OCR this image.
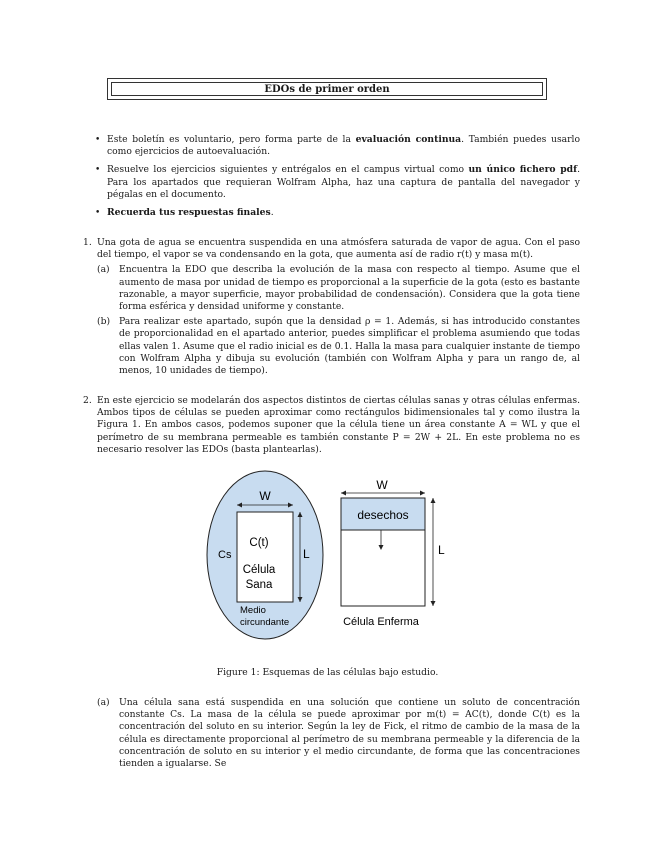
EDOs de primer orden
• Este boletín es voluntario, pero forma parte de la evaluación continua. También puedes usarlo como ejercicios de autoevaluación.
• Resuelve los ejercicios siguientes y entrégalos en el campus virtual como un único fichero pdf. Para los apartados que requieran Wolfram Alpha, haz una captura de pantalla del navegador y pégalas en el documento.
• Recuerda tus respuestas finales.
1. Una gota de agua se encuentra suspendida en una atmósfera saturada de vapor de agua. Con el paso del tiempo, el vapor se va condensando en la gota, que aumenta así de radio r(t) y masa m(t).
(a) Encuentra la EDO que describa la evolución de la masa con respecto al tiempo. Asume que el aumento de masa por unidad de tiempo es proporcional a la superficie de la gota (esto es bastante razonable, a mayor superficie, mayor probabilidad de condensación). Considera que la gota tiene forma esférica y densidad uniforme y constante.
(b) Para realizar este apartado, supón que la densidad ρ = 1. Además, si has introducido constantes de proporcionalidad en el apartado anterior, puedes simplificar el problema asumiendo que todas ellas valen 1. Asume que el radio inicial es de 0.1. Halla la masa para cualquier instante de tiempo con Wolfram Alpha y dibuja su evolución (también con Wolfram Alpha y para un rango de, al menos, 10 unidades de tiempo).
2. En este ejercicio se modelarán dos aspectos distintos de ciertas células sanas y otras células enfermas. Ambos tipos de células se pueden aproximar como rectángulos bidimensionales tal y como ilustra la Figura 1. En ambos casos, podemos suponer que la célula tiene un área constante A = WL y que el perímetro de su membrana permeable es también constante P = 2W + 2L. En este problema no es necesario resolver las EDOs (basta plantearlas).
W
L
C(t)
Célula
Sana
Cs
Medio
circundante
desechos
W
L
Célula Enferma
Figure 1: Esquemas de las células bajo estudio.
(a) Una célula sana está suspendida en una solución que contiene un soluto de concentración constante Cs. La masa de la célula se puede aproximar por m(t) = AC(t), donde C(t) es la concentración del soluto en su interior. Según la ley de Fick, el ritmo de cambio de la masa de la célula es directamente proporcional al perímetro de su membrana permeable y la diferencia de la concentración de soluto en su interior y el medio circundante, de forma que las concentraciones tienden a igualarse. Se
